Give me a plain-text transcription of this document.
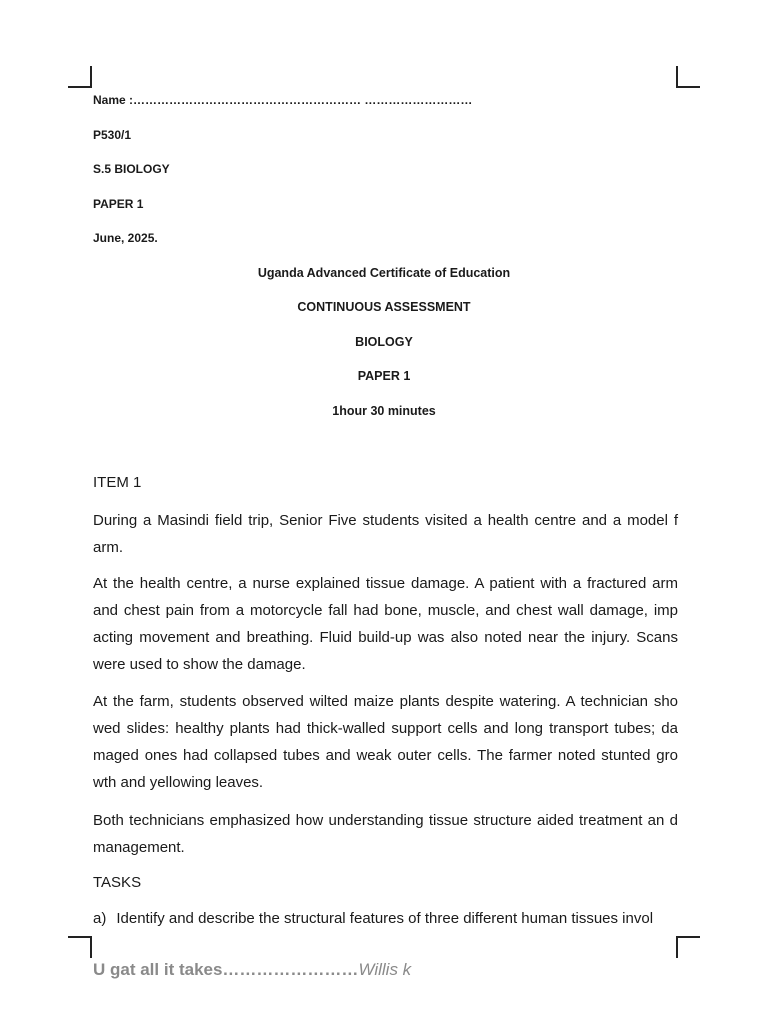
Name :………………………………………………… ………………………
P530/1
S.5 BIOLOGY
PAPER 1
June, 2025.
Uganda Advanced Certificate of Education
CONTINUOUS ASSESSMENT
BIOLOGY
PAPER 1
1hour 30 minutes
ITEM 1
During a Masindi field trip, Senior Five students visited a health centre and a model f arm.
At the health centre, a nurse explained tissue damage. A patient with a fractured arm and chest pain from a motorcycle fall had bone, muscle, and chest wall damage, imp acting movement and breathing. Fluid build-up was also noted near the injury. Scans were used to show the damage.
At the farm, students observed wilted maize plants despite watering. A technician sho wed slides: healthy plants had thick-walled support cells and long transport tubes; da maged ones had collapsed tubes and weak outer cells. The farmer noted stunted gro wth and yellowing leaves.
Both technicians emphasized how understanding tissue structure aided treatment an d management.
TASKS
a) Identify and describe the structural features of three different human tissues invol
U gat all it takes……………………Willis k
